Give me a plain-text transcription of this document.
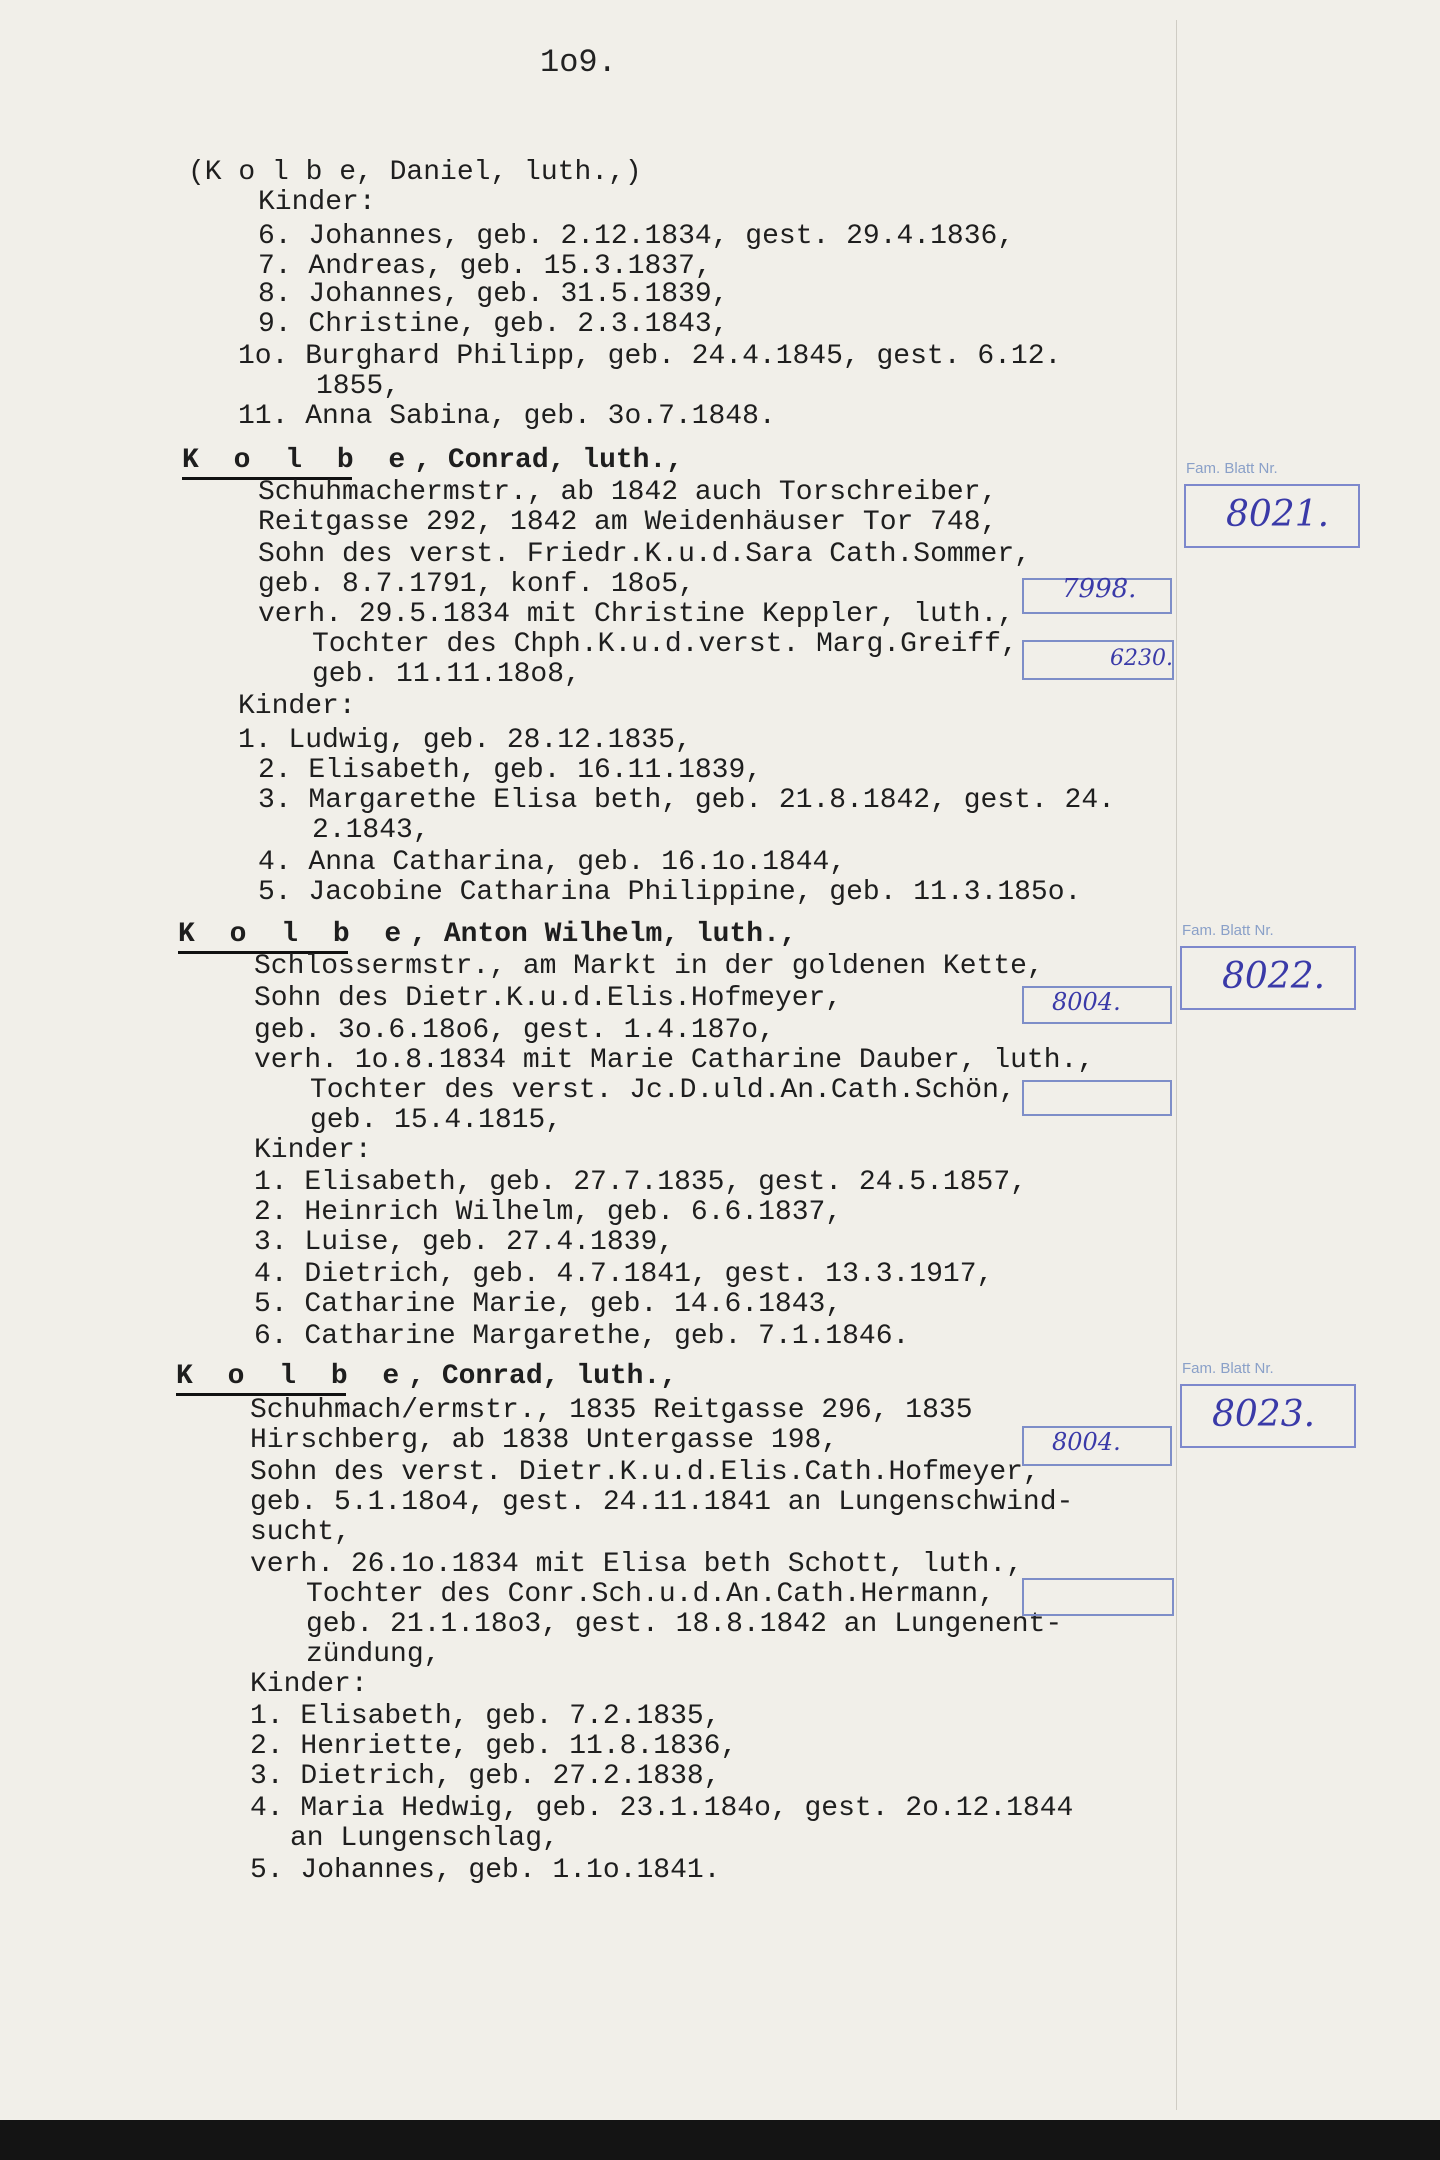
1o9.
(K o l b e, Daniel, luth.,)
Kinder:
6. Johannes, geb. 2.12.1834, gest. 29.4.1836,
7. Andreas, geb. 15.3.1837,
8. Johannes, geb. 31.5.1839,
9. Christine, geb. 2.3.1843,
1o. Burghard Philipp, geb. 24.4.1845, gest. 6.12.
1855,
11. Anna Sabina, geb. 3o.7.1848.
K o l b e, Conrad, luth.,
Schuhmachermstr., ab 1842 auch Torschreiber,
Reitgasse 292, 1842 am Weidenhäuser Tor 748,
Sohn des verst. Friedr.K.u.d.Sara Cath.Sommer,
geb. 8.7.1791, konf. 18o5,
verh. 29.5.1834 mit Christine Keppler, luth.,
Tochter des Chph.K.u.d.verst. Marg.Greiff,
geb. 11.11.18o8,
Kinder:
1. Ludwig, geb. 28.12.1835,
2. Elisabeth, geb. 16.11.1839,
3. Margarethe Elisa beth, geb. 21.8.1842, gest. 24.
2.1843,
4. Anna Catharina, geb. 16.1o.1844,
5. Jacobine Catharina Philippine, geb. 11.3.185o.
Fam. Blatt Nr.
8021.
7998.
6230.
K o l b e, Anton Wilhelm, luth.,
Schlossermstr., am Markt in der goldenen Kette,
Sohn des Dietr.K.u.d.Elis.Hofmeyer,
geb. 3o.6.18o6, gest. 1.4.187o,
verh. 1o.8.1834 mit Marie Catharine Dauber, luth.,
Tochter des verst. Jc.D.uld.An.Cath.Schön,
geb. 15.4.1815,
Kinder:
1. Elisabeth, geb. 27.7.1835, gest. 24.5.1857,
2. Heinrich Wilhelm, geb. 6.6.1837,
3. Luise, geb. 27.4.1839,
4. Dietrich, geb. 4.7.1841, gest. 13.3.1917,
5. Catharine Marie, geb. 14.6.1843,
6. Catharine Margarethe, geb. 7.1.1846.
Fam. Blatt Nr.
8022.
8004.
K o l b e, Conrad, luth.,
Schuhmach/ermstr., 1835 Reitgasse 296, 1835
Hirschberg, ab 1838 Untergasse 198,
Sohn des verst. Dietr.K.u.d.Elis.Cath.Hofmeyer,
geb. 5.1.18o4, gest. 24.11.1841 an Lungenschwind-
sucht,
verh. 26.1o.1834 mit Elisa beth Schott, luth.,
Tochter des Conr.Sch.u.d.An.Cath.Hermann,
geb. 21.1.18o3, gest. 18.8.1842 an Lungenent-
zündung,
Kinder:
1. Elisabeth, geb. 7.2.1835,
2. Henriette, geb. 11.8.1836,
3. Dietrich, geb. 27.2.1838,
4. Maria Hedwig, geb. 23.1.184o, gest. 2o.12.1844
an Lungenschlag,
5. Johannes, geb. 1.1o.1841.
Fam. Blatt Nr.
8023.
8004.
